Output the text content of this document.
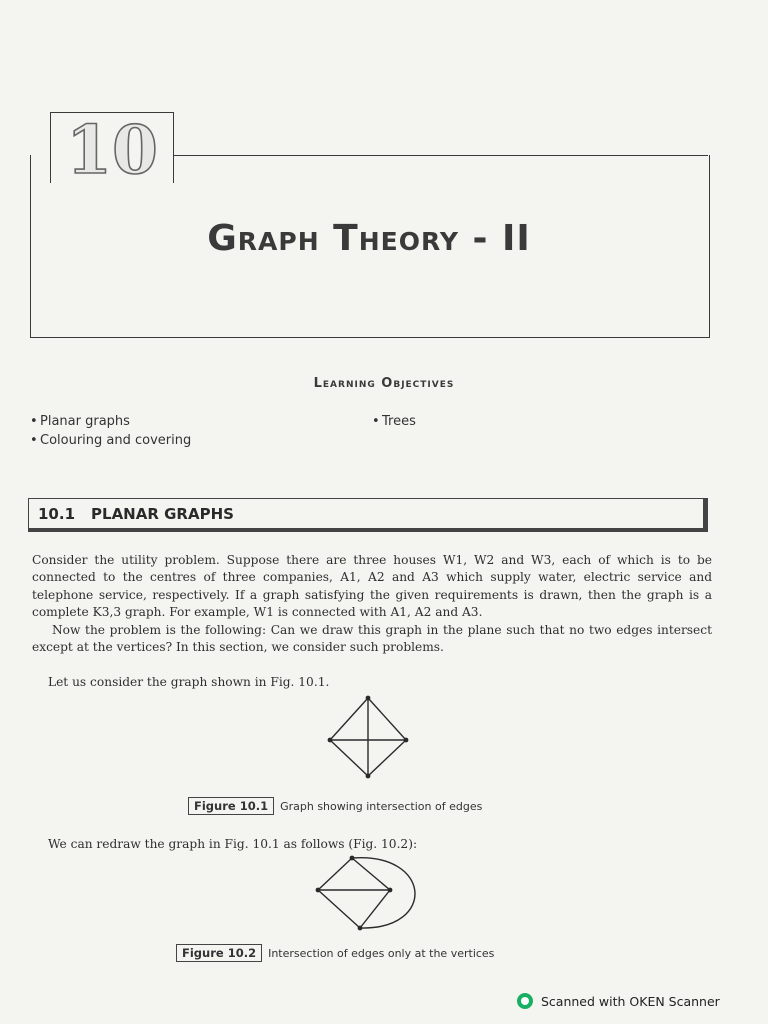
10
Graph Theory - II
Learning Objectives
• Planar graphs
• Colouring and covering
• Trees
10.1 PLANAR GRAPHS
Consider the utility problem. Suppose there are three houses W1, W2 and W3, each of which is to be connected to the centres of three companies, A1, A2 and A3 which supply water, electric service and telephone service, respectively. If a graph satisfying the given requirements is drawn, then the graph is a complete K3,3 graph. For example, W1 is connected with A1, A2 and A3.
Now the problem is the following: Can we draw this graph in the plane such that no two edges intersect except at the vertices? In this section, we consider such problems.
Let us consider the graph shown in Fig. 10.1.
Figure 10.1 Graph showing intersection of edges
We can redraw the graph in Fig. 10.1 as follows (Fig. 10.2):
Figure 10.2 Intersection of edges only at the vertices
Scanned with OKEN Scanner
